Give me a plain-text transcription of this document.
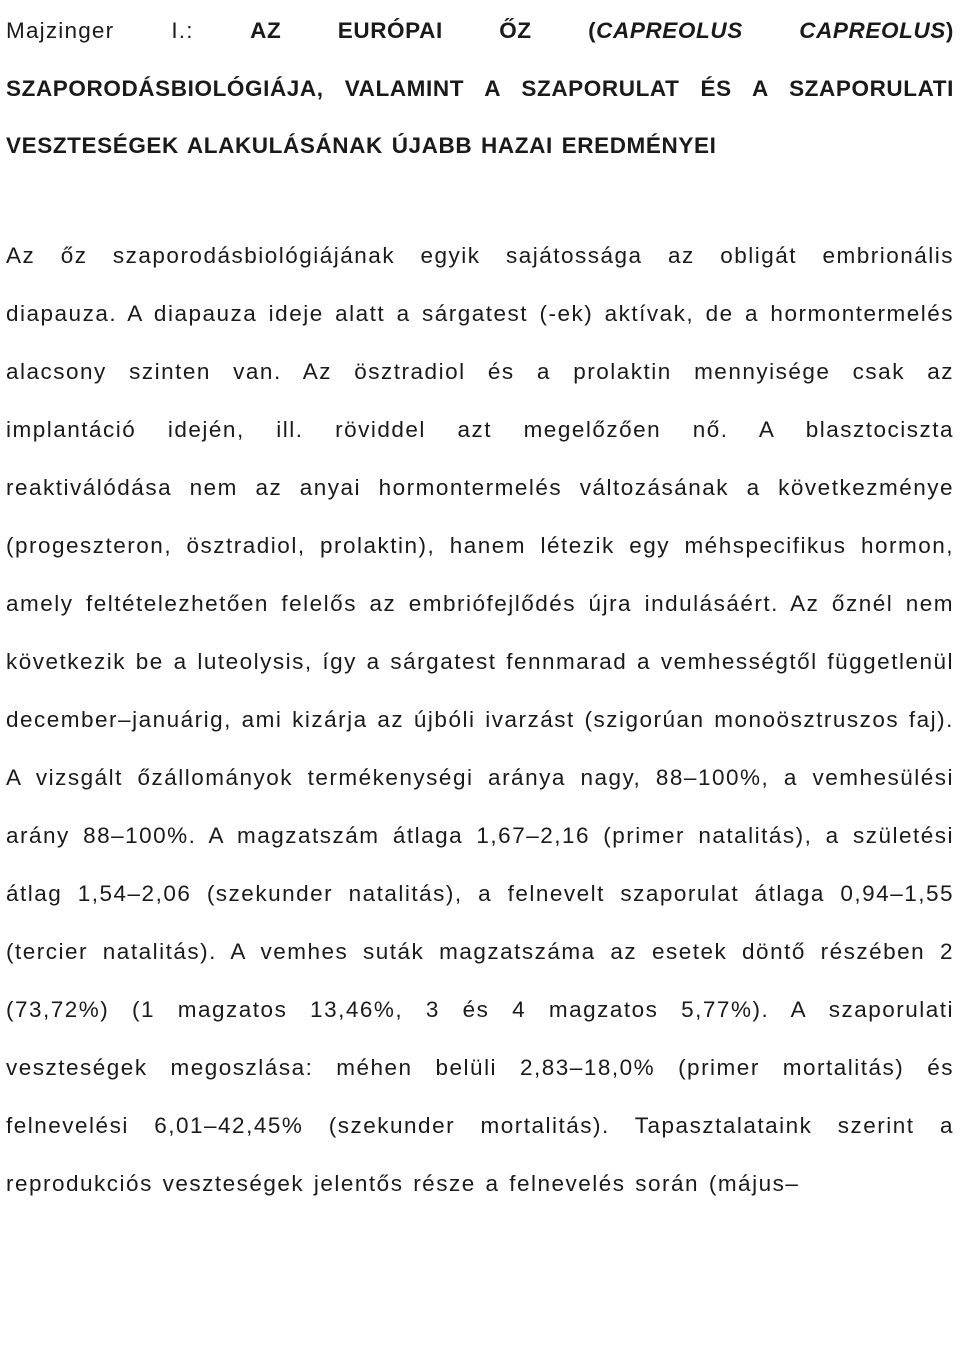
Majzinger I.:	AZ EURÓPAI ŐZ (CAPREOLUS CAPREOLUS) SZAPORODÁSBIOLÓGIÁJA, VALAMINT A SZAPORULAT ÉS A SZAPORULATI VESZTESÉGEK ALAKULÁSÁNAK ÚJABB HAZAI EREDMÉNYEI

Az őz szaporodásbiológiájának egyik sajátossága az obligát embrionális diapauza. A diapauza ideje alatt a sárgatest (-ek) aktívak, de a hormontermelés alacsony szinten van. Az ösztradiol és a prolaktin mennyisége csak az implantáció idején, ill. röviddel azt megelőzően nő. A blasztociszta reaktiválódása nem az anyai hormontermelés változásának a következménye (progeszteron, ösztradiol, prolaktin), hanem létezik egy méhspecifikus hormon, amely feltételezhetően felelős az embriófejlődés újra indulásáért. Az őznél nem következik be a luteolysis, így a sárgatest fennmarad a vemhességtől függetlenül december–januárig, ami kizárja az újbóli ivarzást (szigorúan monoösztruszos faj).

A vizsgált őzállományok termékenységi aránya nagy, 88–100%, a vemhesülési arány 88–100%. A magzatszám átlaga 1,67–2,16 (primer natalitás), a születési átlag 1,54–2,06 (szekunder natalitás), a felnevelt szaporulat átlaga 0,94–1,55 (tercier natalitás). A vemhes suták magzatszáma az esetek döntő részében 2 (73,72%) (1 magzatos 13,46%, 3 és 4 magzatos 5,77%). A szaporulati veszteségek megoszlása: méhen belüli 2,83–18,0% (primer mortalitás) és felnevelési 6,01–42,45% (szekunder mortalitás). Tapasztalataink szerint a reprodukciós veszteségek jelentős része a felnevelés során (május–
